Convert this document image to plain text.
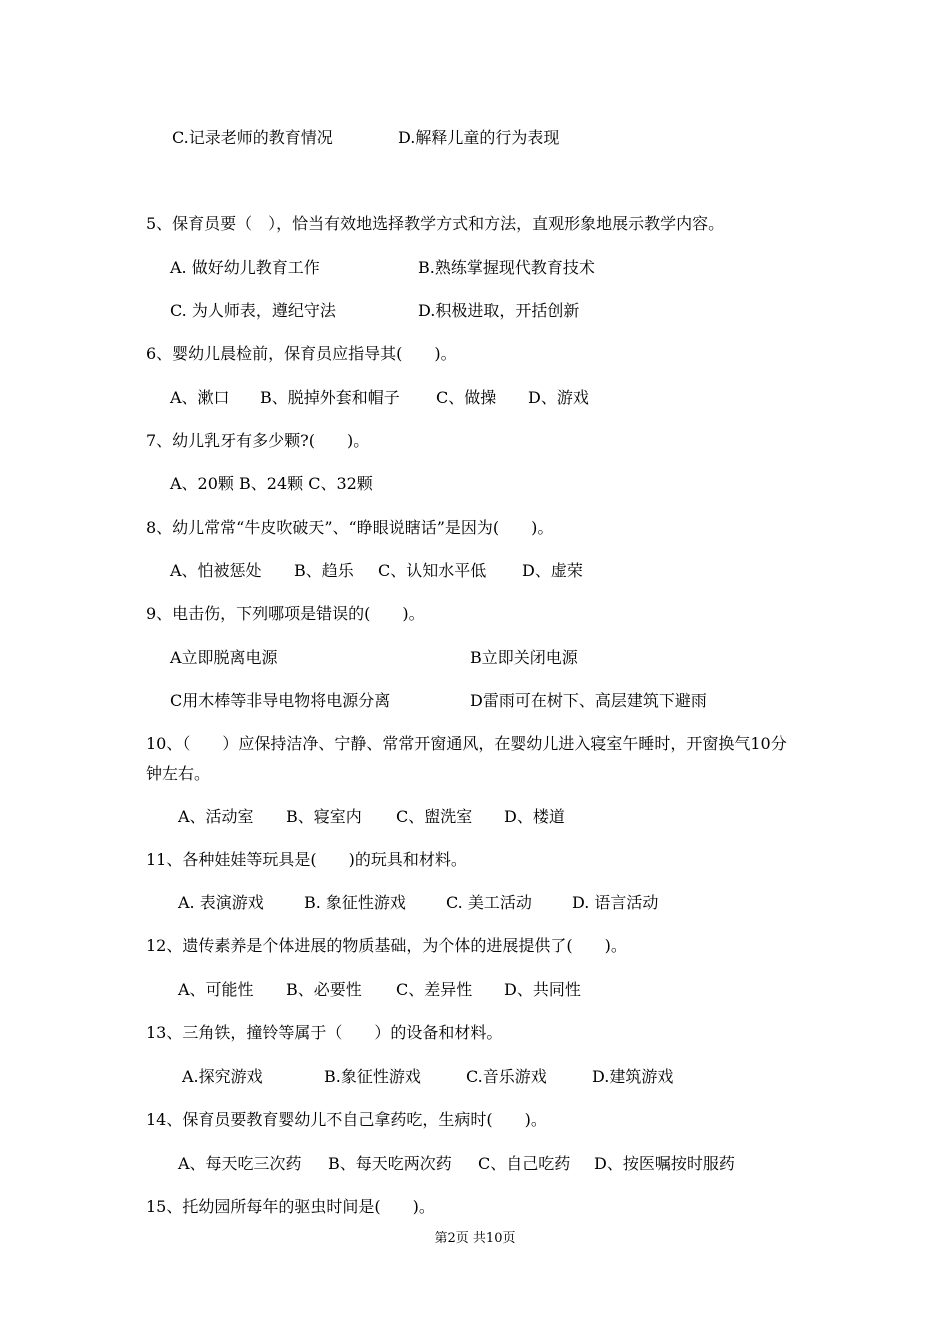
C.记录老师的教育情况	D.解释儿童的行为表现
5、保育员要（　），恰当有效地选择教学方式和方法，直观形象地展示教学内容。
A. 做好幼儿教育工作	B.熟练掌握现代教育技术
C. 为人师表，遵纪守法	D.积极进取，开括创新
6、婴幼儿晨检前，保育员应指导其(　　)。
A、漱口 B、脱掉外套和帽子 C、做操 D、游戏
7、幼儿乳牙有多少颗?(　　)。
A、20颗 B、24颗 C、32颗
8、幼儿常常“牛皮吹破天”、“睁眼说瞎话”是因为(　　)。
A、怕被惩处 B、趋乐 C、认知水平低 D、虚荣
9、电击伤，下列哪项是错误的(　　)。
A立即脱离电源	B立即关闭电源
C用木棒等非导电物将电源分离	D雷雨可在树下、高层建筑下避雨
10、（　　）应保持洁净、宁静、常常开窗通风，在婴幼儿进入寝室午睡时，开窗换气10分
钟左右。
A、活动室 B、寝室内 C、盥洗室 D、楼道
11、各种娃娃等玩具是(　　)的玩具和材料。
A. 表演游戏	B. 象征性游戏	C. 美工活动	D. 语言活动
12、遗传素养是个体进展的物质基础，为个体的进展提供了(　　)。
A、可能性 B、必要性 C、差异性 D、共同性
13、三角铁，撞铃等属于（　　）的设备和材料。
A.探究游戏	B.象征性游戏	C.音乐游戏	D.建筑游戏
14、保育员要教育婴幼儿不自己拿药吃，生病时(　　)。
A、每天吃三次药 B、每天吃两次药 C、自己吃药 D、按医嘱按时服药
15、托幼园所每年的驱虫时间是(　　)。
第2页 共10页
